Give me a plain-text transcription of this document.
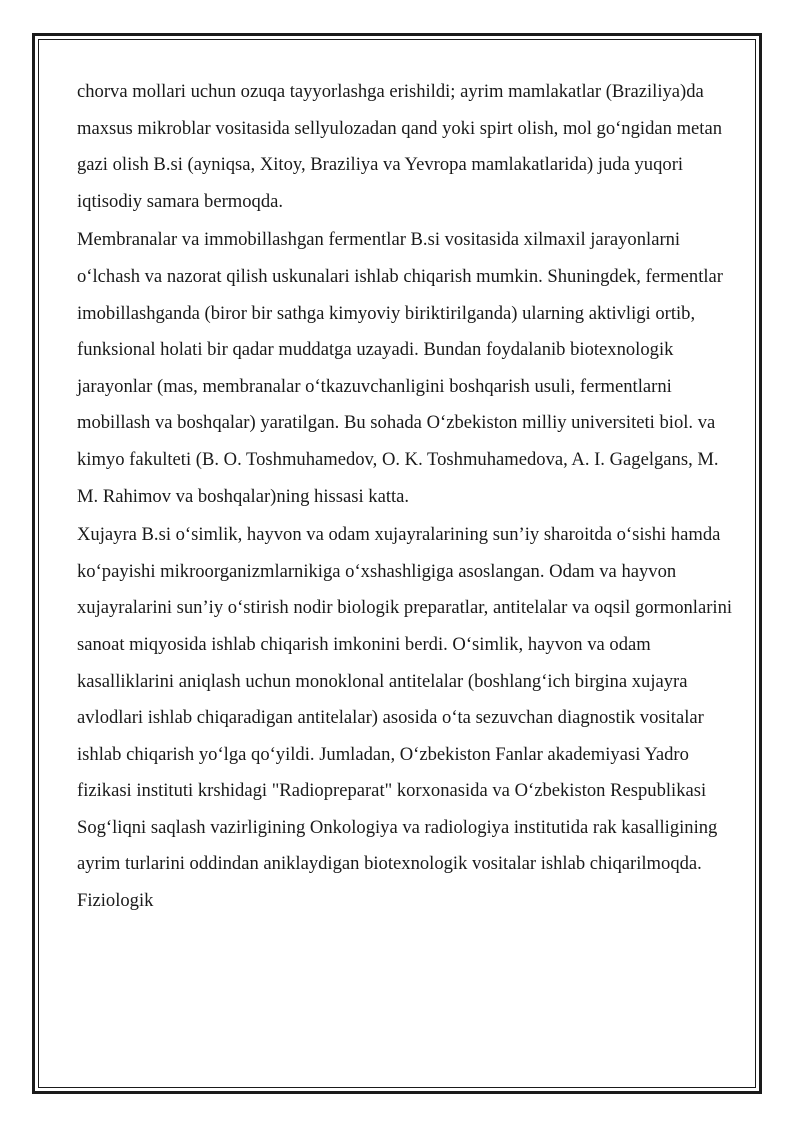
chorva mollari uchun ozuqa tayyorlashga erishildi; ayrim mamlakatlar (Braziliya)da maxsus mikroblar vositasida sellyulozadan qand yoki spirt olish, mol go‘ngidan metan gazi olish B.si (ayniqsa, Xitoy, Braziliya va Yevropa mamlakatlarida) juda yuqori iqtisodiy samara bermoqda.

Membranalar va immobillashgan fermentlar B.si vositasida xilmaxil jarayonlarni o‘lchash va nazorat qilish uskunalari ishlab chiqarish mumkin. Shuningdek, fermentlar imobillashganda (biror bir sathga kimyoviy biriktirilganda) ularning aktivligi ortib, funksional holati bir qadar muddatga uzayadi. Bundan foydalanib biotexnologik jarayonlar (mas, membranalar o‘tkazuvchanligini boshqarish usuli, fermentlarni mobillash va boshqalar) yaratilgan. Bu sohada O‘zbekiston milliy universiteti biol. va kimyo fakulteti (B. O. Toshmuhamedov, O. K. Toshmuhamedova, A. I. Gagelgans, M. M. Rahimov va boshqalar)ning hissasi katta.

Xujayra B.si o‘simlik, hayvon va odam xujayralarining sun’iy sharoitda o‘sishi hamda ko‘payishi mikroorganizmlarnikiga o‘xshashligiga asoslangan. Odam va hayvon xujayralarini sun’iy o‘stirish nodir biologik preparatlar, antitelalar va oqsil gormonlarini sanoat miqyosida ishlab chiqarish imkonini berdi. O‘simlik, hayvon va odam kasalliklarini aniqlash uchun monoklonal antitelalar (boshlang‘ich birgina xujayra avlodlari ishlab chiqaradigan antitelalar) asosida o‘ta sezuvchan diagnostik vositalar ishlab chiqarish yo‘lga qo‘yildi. Jumladan, O‘zbekiston Fanlar akademiyasi Yadro fizikasi instituti krshidagi "Radiopreparat" korxonasida va O‘zbekiston Respublikasi Sog‘liqni saqlash vazirligining Onkologiya va radiologiya institutida rak kasalligining ayrim turlarini oddindan aniklaydigan biotexnologik vositalar ishlab chiqarilmoqda. Fiziologik
